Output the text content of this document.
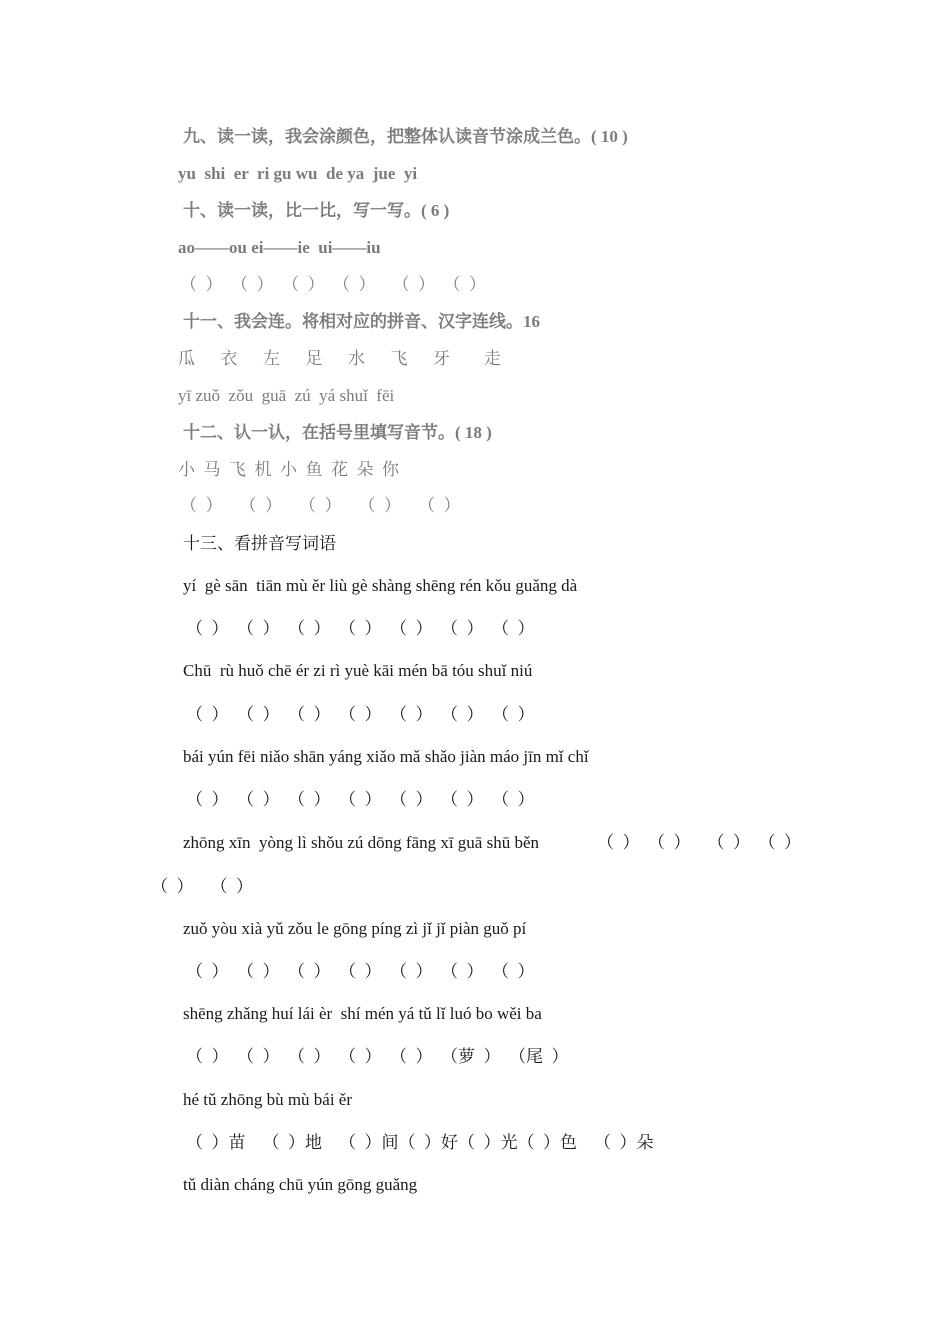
九、读一读，我会涂颜色，把整体认读音节涂成兰色。( 10 )
yu  shi  er  ri gu wu  de ya  jue  yi
十、读一读，比一比，写一写。( 6 )
ao——ou ei——ie  ui——iu
（  ）  （  ）  （  ）  （  ）    （  ）  （  ）
十一、我会连。将相对应的拼音、汉字连线。16
瓜      衣      左      足      水      飞      牙        走
yī zuǒ  zǒu  guā  zú  yá shuǐ  fēi
十二、认一认，在括号里填写音节。( 18 )
小  马  飞  机  小  鱼  花  朵  你
（  ）    （  ）    （  ）    （  ）    （  ）
十三、看拼音写词语
yí  gè sān  tiān mù ěr liù gè shàng shēng rén kǒu guǎng dà
（  ）  （  ）  （  ）  （  ）  （  ）  （  ）  （  ）
Chū  rù huǒ chē ér zi rì yuè kāi mén bā tóu shuǐ niú
（  ）  （  ）  （  ）  （  ）  （  ）  （  ）  （  ）
bái yún fēi niǎo shān yáng xiǎo mǎ shǎo jiàn máo jīn mǐ chǐ
（  ）  （  ）  （  ）  （  ）  （  ）  （  ）  （  ）
zhōng xīn  yòng lì shǒu zú dōng fāng xī guā shū běn	（  ）  （  ）    （  ）  （  ）
（  ）    （  ）
zuǒ yòu xià yǔ zǒu le gōng píng zì jǐ jǐ piàn guǒ pí
（  ）  （  ）  （  ）  （  ）  （  ）  （  ）  （  ）
shēng zhǎng huí lái èr  shí mén yá tǔ lǐ luó bo wěi ba
（  ）  （  ）  （  ）  （  ）  （  ）  （萝  ）  （尾  ）
hé tǔ zhōng bù mù bái ěr
（  ）苗    （  ）地    （  ）间（  ）好（  ）光（  ）色    （  ）朵
tǔ diàn cháng chū yún gōng guǎng
